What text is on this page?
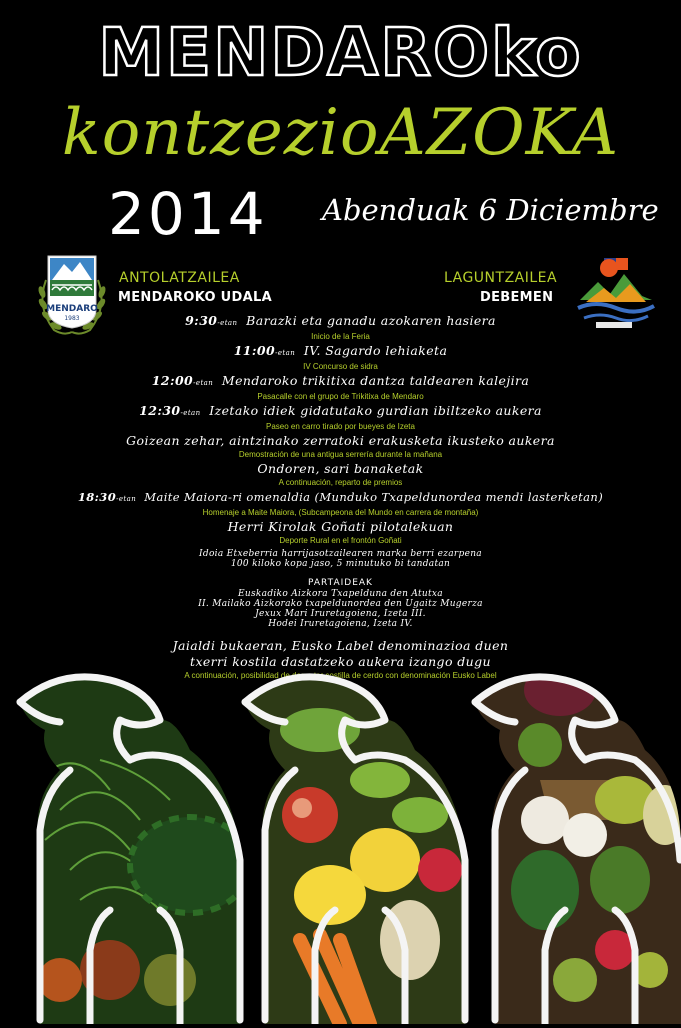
MENDAROko
kontzezioAZOKA
2014 Abenduak 6 Diciembre
MENDARO
1983
ANTOLATZAILEA
MENDAROKO UDALA
LAGUNTZAILEA
DEBEMEN
9:30-etan Barazki eta ganadu azokaren hasiera
Inicio de la Feria
11:00-etan IV. Sagardo lehiaketa
IV Concurso de sidra
12:00-etan Mendaroko trikitixa dantza taldearen kalejira
Pasacalle con el grupo de Trikitixa de Mendaro
12:30-etan Izetako idiek gidatutako gurdian ibiltzeko aukera
Paseo en carro tirado por bueyes de Izeta
Goizean zehar, aintzinako zerratoki erakusketa ikusteko aukera
Demostración de una antigua serrería durante la mañana
Ondoren, sari banaketak
A continuación, reparto de premios
18:30-etan Maite Maiora-ri omenaldia (Munduko Txapeldunordea mendi lasterketan)
Homenaje a Maite Maiora, (Subcampeona del Mundo en carrera de montaña)
Herri Kirolak Goñati pilotalekuan
Deporte Rural en el frontón Goñati
Idoia Etxeberria harrijasotzailearen marka berri ezarpena
100 kiloko kopa jaso, 5 minutuko bi tandatan
PARTAIDEAK
Euskadiko Aizkora Txapelduna den Atutxa
II. Mailako Aizkorako txapeldunordea den Ugaitz Mugerza
Jexux Mari Iruretagoiena, Izeta III.
Hodei Iruretagoiena, Izeta IV.
Jaialdi bukaeran, Eusko Label denominazioa duen
txerri kostila dastatzeko aukera izango dugu
A continuación, posibilidad de degustar costilla de cerdo con denominación Eusko Label
